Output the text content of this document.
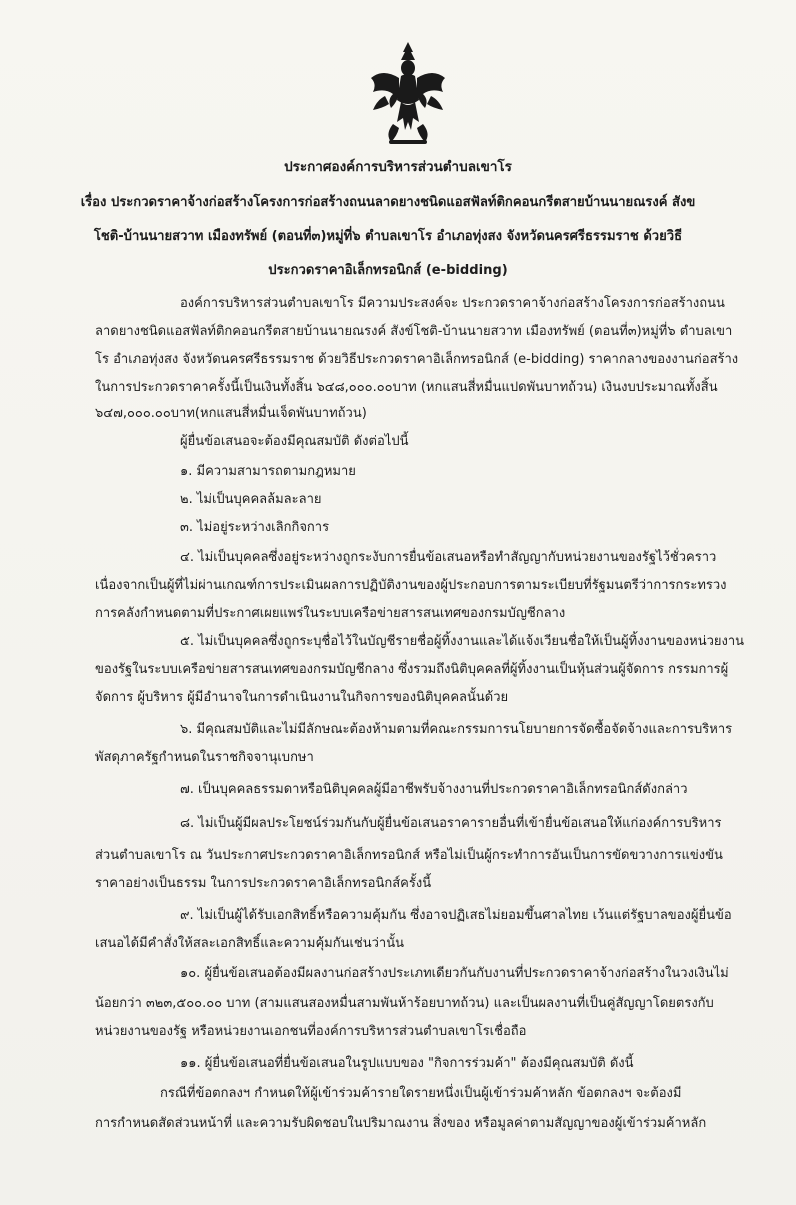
ประกาศองค์การบริหารส่วนตำบลเขาโร
เรื่อง ประกวดราคาจ้างก่อสร้างโครงการก่อสร้างถนนลาดยางชนิดแอสฟัลท์ติกคอนกรีตสายบ้านนายณรงค์ สังข
โชติ-บ้านนายสวาท เมืองทรัพย์ (ตอนที่๓)หมู่ที่๖ ตำบลเขาโร อำเภอทุ่งสง จังหวัดนครศรีธรรมราช ด้วยวิธี
ประกวดราคาอิเล็กทรอนิกส์ (e-bidding)
องค์การบริหารส่วนตำบลเขาโร มีความประสงค์จะ ประกวดราคาจ้างก่อสร้างโครงการก่อสร้างถนน
ลาดยางชนิดแอสฟัลท์ติกคอนกรีตสายบ้านนายณรงค์ สังข์โชติ-บ้านนายสวาท เมืองทรัพย์ (ตอนที่๓)หมู่ที่๖ ตำบลเขา
โร อำเภอทุ่งสง จังหวัดนครศรีธรรมราช ด้วยวิธีประกวดราคาอิเล็กทรอนิกส์ (e-bidding) ราคากลางของงานก่อสร้าง
ในการประกวดราคาครั้งนี้เป็นเงินทั้งสิ้น ๖๔๘,๐๐๐.๐๐บาท (หกแสนสี่หมื่นแปดพันบาทถ้วน) เงินงบประมาณทั้งสิ้น
๖๔๗,๐๐๐.๐๐บาท(หกแสนสี่หมื่นเจ็ดพันบาทถ้วน)
ผู้ยื่นข้อเสนอจะต้องมีคุณสมบัติ ดังต่อไปนี้
๑. มีความสามารถตามกฎหมาย
๒. ไม่เป็นบุคคลล้มละลาย
๓. ไม่อยู่ระหว่างเลิกกิจการ
๔. ไม่เป็นบุคคลซึ่งอยู่ระหว่างถูกระงับการยื่นข้อเสนอหรือทำสัญญากับหน่วยงานของรัฐไว้ชั่วคราว
เนื่องจากเป็นผู้ที่ไม่ผ่านเกณฑ์การประเมินผลการปฏิบัติงานของผู้ประกอบการตามระเบียบที่รัฐมนตรีว่าการกระทรวง
การคลังกำหนดตามที่ประกาศเผยแพร่ในระบบเครือข่ายสารสนเทศของกรมบัญชีกลาง
๕. ไม่เป็นบุคคลซึ่งถูกระบุชื่อไว้ในบัญชีรายชื่อผู้ทิ้งงานและได้แจ้งเวียนชื่อให้เป็นผู้ทิ้งงานของหน่วยงาน
ของรัฐในระบบเครือข่ายสารสนเทศของกรมบัญชีกลาง ซึ่งรวมถึงนิติบุคคลที่ผู้ทิ้งงานเป็นหุ้นส่วนผู้จัดการ กรรมการผู้
จัดการ ผู้บริหาร ผู้มีอำนาจในการดำเนินงานในกิจการของนิติบุคคลนั้นด้วย
๖. มีคุณสมบัติและไม่มีลักษณะต้องห้ามตามที่คณะกรรมการนโยบายการจัดซื้อจัดจ้างและการบริหาร
พัสดุภาครัฐกำหนดในราชกิจจานุเบกษา
๗. เป็นบุคคลธรรมดาหรือนิติบุคคลผู้มีอาชีพรับจ้างงานที่ประกวดราคาอิเล็กทรอนิกส์ดังกล่าว
๘. ไม่เป็นผู้มีผลประโยชน์ร่วมกันกับผู้ยื่นข้อเสนอราคารายอื่นที่เข้ายื่นข้อเสนอให้แก่องค์การบริหาร
ส่วนตำบลเขาโร ณ วันประกาศประกวดราคาอิเล็กทรอนิกส์ หรือไม่เป็นผู้กระทำการอันเป็นการขัดขวางการแข่งขัน
ราคาอย่างเป็นธรรม ในการประกวดราคาอิเล็กทรอนิกส์ครั้งนี้
๙. ไม่เป็นผู้ได้รับเอกสิทธิ์หรือความคุ้มกัน ซึ่งอาจปฏิเสธไม่ยอมขึ้นศาลไทย เว้นแต่รัฐบาลของผู้ยื่นข้อ
เสนอได้มีคำสั่งให้สละเอกสิทธิ์และความคุ้มกันเช่นว่านั้น
๑๐. ผู้ยื่นข้อเสนอต้องมีผลงานก่อสร้างประเภทเดียวกันกับงานที่ประกวดราคาจ้างก่อสร้างในวงเงินไม่
น้อยกว่า ๓๒๓,๕๐๐.๐๐ บาท (สามแสนสองหมื่นสามพันห้าร้อยบาทถ้วน) และเป็นผลงานที่เป็นคู่สัญญาโดยตรงกับ
หน่วยงานของรัฐ หรือหน่วยงานเอกชนที่องค์การบริหารส่วนตำบลเขาโรเชื่อถือ
๑๑. ผู้ยื่นข้อเสนอที่ยื่นข้อเสนอในรูปแบบของ "กิจการร่วมค้า" ต้องมีคุณสมบัติ ดังนี้
กรณีที่ข้อตกลงฯ กำหนดให้ผู้เข้าร่วมค้ารายใดรายหนึ่งเป็นผู้เข้าร่วมค้าหลัก ข้อตกลงฯ จะต้องมี
การกำหนดสัดส่วนหน้าที่ และความรับผิดชอบในปริมาณงาน สิ่งของ หรือมูลค่าตามสัญญาของผู้เข้าร่วมค้าหลัก
